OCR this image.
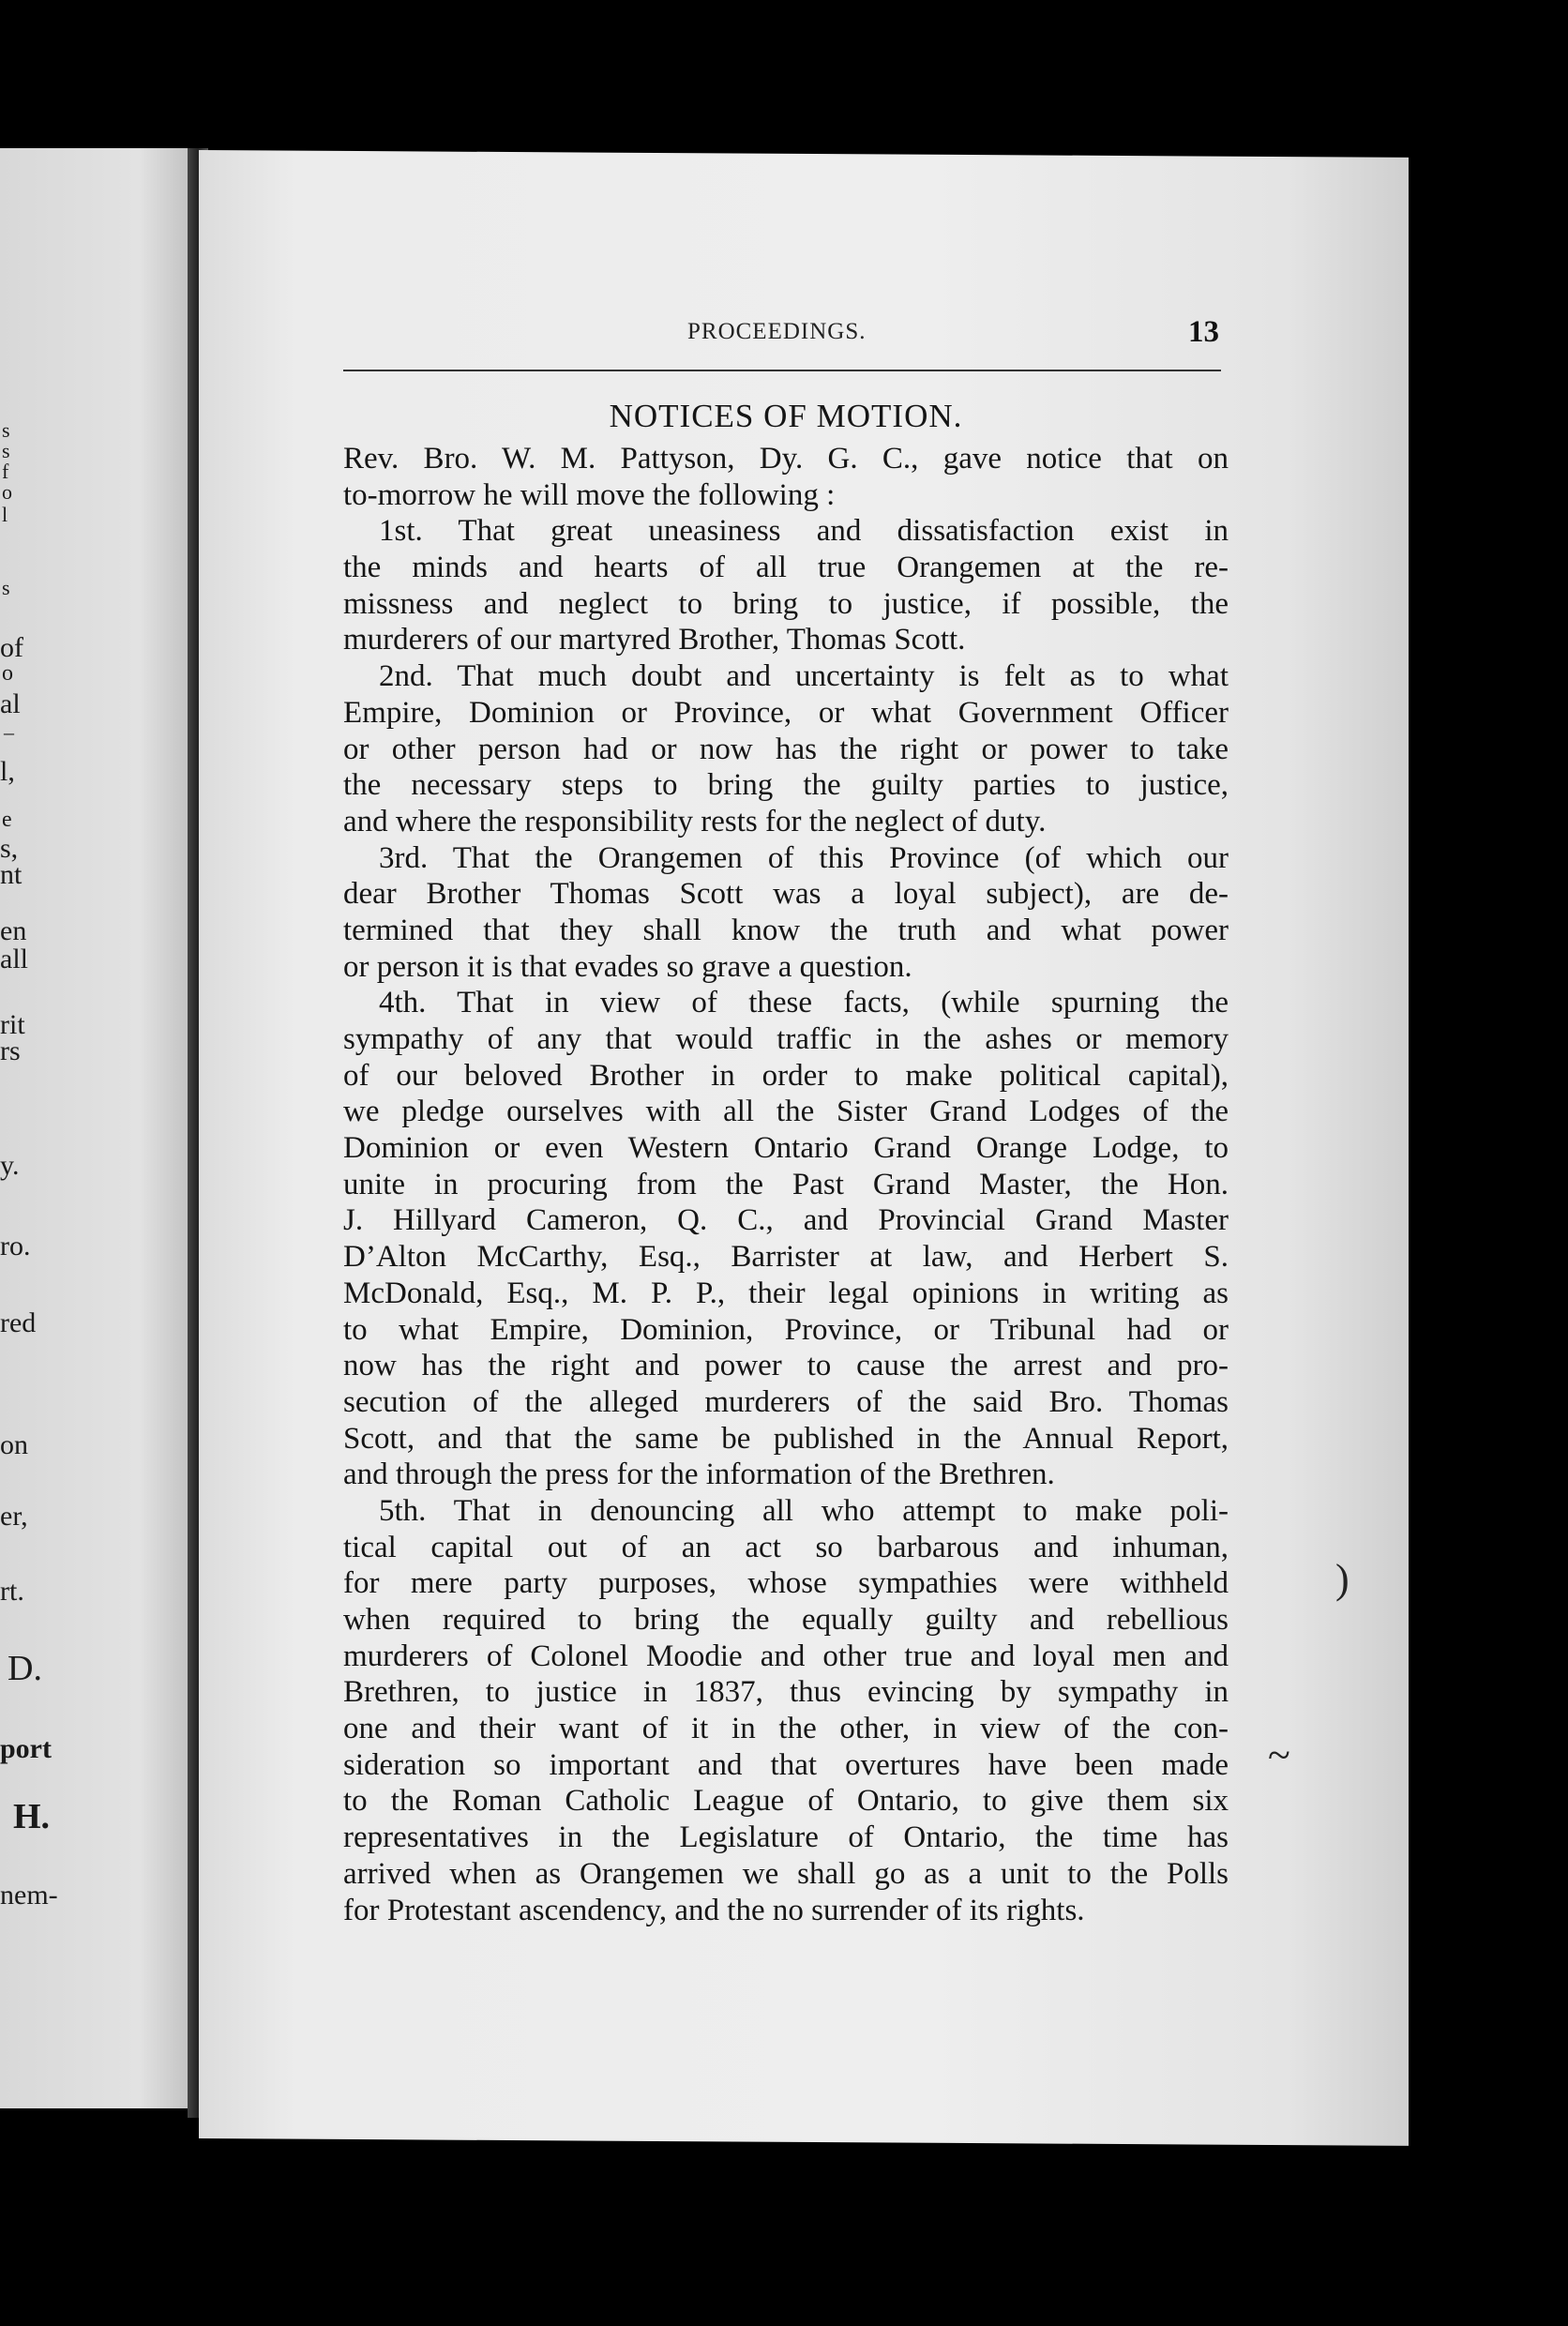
s
s
f
o
l
s
of
o
al
–
l,
e
s,
nt
en
all
rit
rs
y.
ro.
red
on
er,
rt.
D.
port
H.
nem-
PROCEEDINGS.	13
NOTICES OF MOTION.
Rev. Bro. W. M. Pattyson, Dy. G. C., gave notice that on
to-morrow he will move the following :
1st. That great uneasiness and dissatisfaction exist in
the minds and hearts of all true Orangemen at the re-
missness and neglect to bring to justice, if possible, the
murderers of our martyred Brother, Thomas Scott.
2nd. That much doubt and uncertainty is felt as to what
Empire, Dominion or Province, or what Government Officer
or other person had or now has the right or power to take
the necessary steps to bring the guilty parties to justice,
and where the responsibility rests for the neglect of duty.
3rd. That the Orangemen of this Province (of which our
dear Brother Thomas Scott was a loyal subject), are de-
termined that they shall know the truth and what power
or person it is that evades so grave a question.
4th. That in view of these facts, (while spurning the
sympathy of any that would traffic in the ashes or memory
of our beloved Brother in order to make political capital),
we pledge ourselves with all the Sister Grand Lodges of the
Dominion or even Western Ontario Grand Orange Lodge, to
unite in procuring from the Past Grand Master, the Hon.
J. Hillyard Cameron, Q. C., and Provincial Grand Master
D’Alton McCarthy, Esq., Barrister at law, and Herbert S.
McDonald, Esq., M. P. P., their legal opinions in writing as
to what Empire, Dominion, Province, or Tribunal had or
now has the right and power to cause the arrest and pro-
secution of the alleged murderers of the said Bro. Thomas
Scott, and that the same be published in the Annual Report,
and through the press for the information of the Brethren.
5th. That in denouncing all who attempt to make poli-
tical capital out of an act so barbarous and inhuman,
for mere party purposes, whose sympathies were withheld
when required to bring the equally guilty and rebellious
murderers of Colonel Moodie and other true and loyal men and
Brethren, to justice in 1837, thus evincing by sympathy in
one and their want of it in the other, in view of the con-
sideration so important and that overtures have been made
to the Roman Catholic League of Ontario, to give them six
representatives in the Legislature of Ontario, the time has
arrived when as Orangemen we shall go as a unit to the Polls
for Protestant ascendency, and the no surrender of its rights.
)
~
